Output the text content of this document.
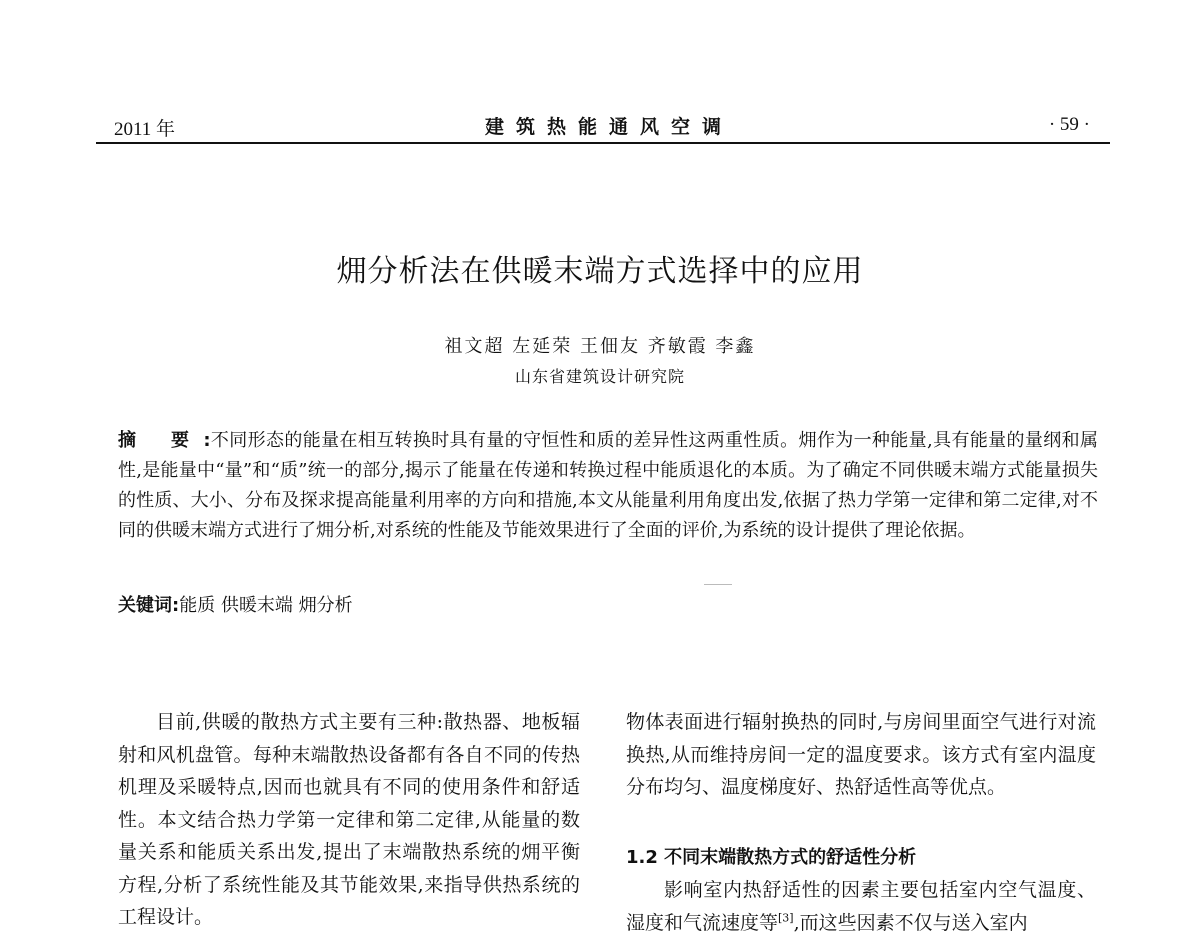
2011 年	建筑热能通风空调	· 59 ·
㶲分析法在供暖末端方式选择中的应用
祖文超 左延荣 王佃友 齐敏霞 李鑫
山东省建筑设计研究院

摘 要:不同形态的能量在相互转换时具有量的守恒性和质的差异性这两重性质。㶲作为一种能量,具有能量的量纲和属性,是能量中“量”和“质”统一的部分,揭示了能量在传递和转换过程中能质退化的本质。为了确定不同供暖末端方式能量损失的性质、大小、分布及探求提高能量利用率的方向和措施,本文从能量利用角度出发,依据了热力学第一定律和第二定律,对不同的供暖末端方式进行了㶲分析,对系统的性能及节能效果进行了全面的评价,为系统的设计提供了理论依据。

关键词:能质 供暖末端 㶲分析

目前,供暖的散热方式主要有三种:散热器、地板辐射和风机盘管。每种末端散热设备都有各自不同的传热机理及采暖特点,因而也就具有不同的使用条件和舒适性。本文结合热力学第一定律和第二定律,从能量的数量关系和能质关系出发,提出了末端散热系统的㶲平衡方程,分析了系统性能及其节能效果,来指导供热系统的工程设计。

物体表面进行辐射换热的同时,与房间里面空气进行对流换热,从而维持房间一定的温度要求。该方式有室内温度分布均匀、温度梯度好、热舒适性高等优点。

1.2 不同末端散热方式的舒适性分析

影响室内热舒适性的因素主要包括室内空气温度、湿度和气流速度等[3],而这些因素不仅与送入室内
